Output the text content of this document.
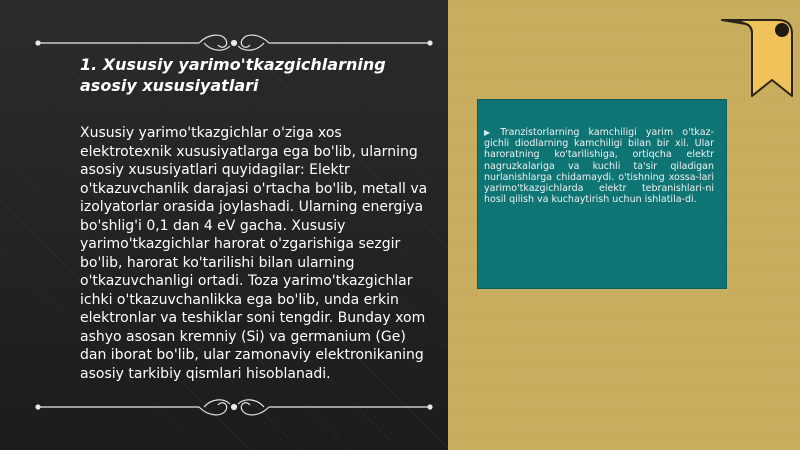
1. Xususiy yarimo'tkazgichlarning asosiy xususiyatlari
Xususiy yarimo'tkazgichlar o'ziga xos elektrotexnik xususiyatlarga ega bo'lib, ularning asosiy xususiyatlari quyidagilar: Elektr o'tkazuvchanlik darajasi o'rtacha bo'lib, metall va izolyatorlar orasida joylashadi. Ularning energiya bo'shlig'i 0,1 dan 4 eV gacha. Xususiy yarimo'tkazgichlar harorat o'zgarishiga sezgir bo'lib, harorat ko'tarilishi bilan ularning o'tkazuvchanligi ortadi. Toza yarimo'tkazgichlar ichki o'tkazuvchanlikka ega bo'lib, unda erkin elektronlar va teshiklar soni tengdir. Bunday xom ashyo asosan kremniy (Si) va germanium (Ge) dan iborat bo'lib, ular zamonaviy elektronikaning asosiy tarkibiy qismlari hisoblanadi.
▶ Tranzistorlarning kamchiligi yarim o'tkaz-gichli diodlarning kamchiligi bilan bir xil. Ular haroratning ko'tarilishiga, ortiqcha elektr nagruzkalariga va kuchli ta'sir qiladigan nurlanishlarga chidamaydi. o'tishning xossa-lari yarimo'tkazgichlarda elektr tebranishlari-ni hosil qilish va kuchaytirish uchun ishlatila-di.
